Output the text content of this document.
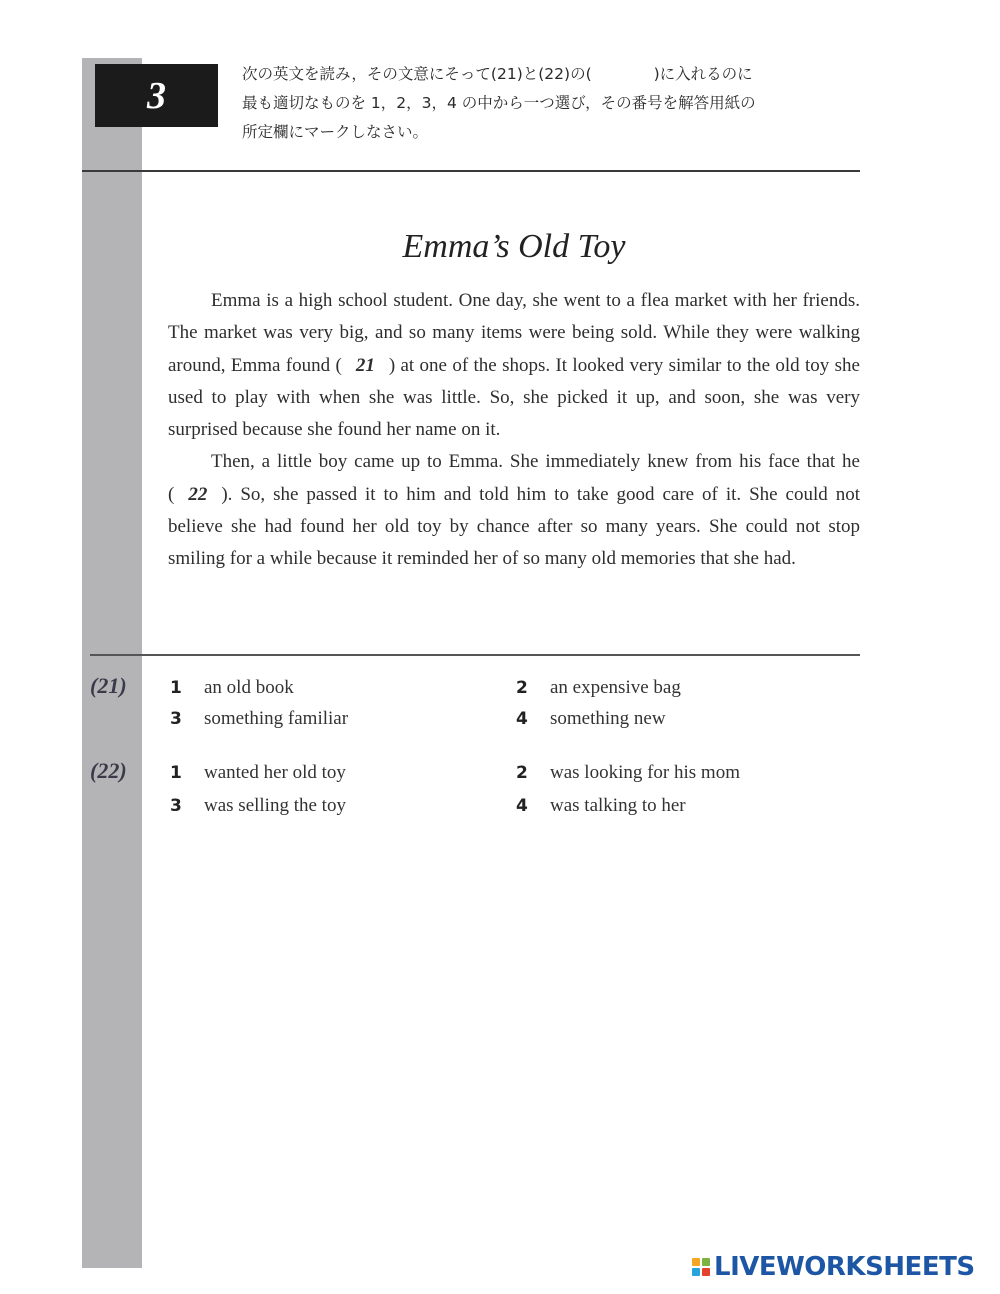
3
次の英文を読み，その文意にそって(21)と(22)の(　　　　)に入れるのに
最も適切なものを 1，2，3，4 の中から一つ選び，その番号を解答用紙の
所定欄にマークしなさい。
Emma’s Old Toy

Emma is a high school student. One day, she went to a flea market with her friends. The market was very big, and so many items were being sold. While they were walking around, Emma found ( 21 ) at one of the shops. It looked very similar to the old toy she used to play with when she was little. So, she picked it up, and soon, she was very surprised because she found her name on it.

Then, a little boy came up to Emma. She immediately knew from his face that he ( 22 ). So, she passed it to him and told him to take good care of it. She could not believe she had found her old toy by chance after so many years. She could not stop smiling for a while because it reminded her of so many old memories that she had.

(21)	1 an old book	2 an expensive bag
3 something familiar	4 something new
(22)	1 wanted her old toy	2 was looking for his mom
3 was selling the toy	4 was talking to her
LIVEWORKSHEETS
